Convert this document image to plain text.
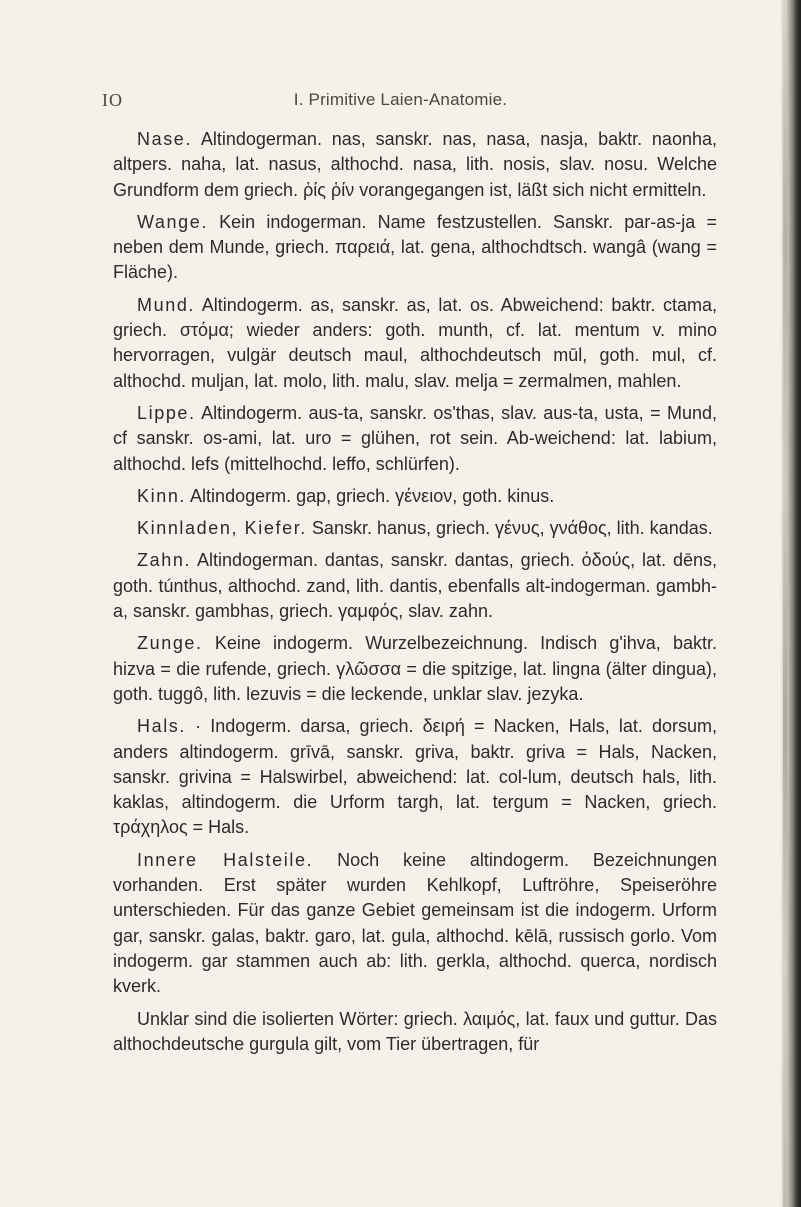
IO	I. Primitive Laien-Anatomie.

Nase. Altindogerman. nas, sanskr. nas, nasa, nasja, baktr. naonha, altpers. naha, lat. nasus, althochd. nasa, lith. nosis, slav. nosu. Welche Grundform dem griech. ῥίς ῥίν vorangegangen ist, läßt sich nicht ermitteln.

Wange. Kein indogerman. Name festzustellen. Sanskr. par-as-ja = neben dem Munde, griech. παρειά, lat. gena, althochdtsch. wangâ (wang = Fläche).

Mund. Altindogerm. as, sanskr. as, lat. os. Abweichend: baktr. ctama, griech. στόμα; wieder anders: goth. munth, cf. lat. mentum v. mino hervorragen, vulgär deutsch maul, althochdeutsch mūl, goth. mul, cf. althochd. muljan, lat. molo, lith. malu, slav. melja = zermalmen, mahlen.

Lippe. Altindogerm. aus-ta, sanskr. os'thas, slav. aus-ta, usta, = Mund, cf sanskr. os-ami, lat. uro = glühen, rot sein. Ab-weichend: lat. labium, althochd. lefs (mittelhochd. leffo, schlürfen).

Kinn. Altindogerm. gap, griech. γένειον, goth. kinus.

Kinnladen, Kiefer. Sanskr. hanus, griech. γένυς, γνάθος, lith. kandas.

Zahn. Altindogerman. dantas, sanskr. dantas, griech. ὀδούς, lat. dēns, goth. túnthus, althochd. zand, lith. dantis, ebenfalls alt-indogerman. gambh-a, sanskr. gambhas, griech. γαμφός, slav. zahn.

Zunge. Keine indogerm. Wurzelbezeichnung. Indisch g'ihva, baktr. hizva = die rufende, griech. γλῶσσα = die spitzige, lat. lingna (älter dingua), goth. tuggô, lith. lezuvis = die leckende, unklar slav. jezyka.

Hals. · Indogerm. darsa, griech. δειρή = Nacken, Hals, lat. dorsum, anders altindogerm. grīvā, sanskr. griva, baktr. griva = Hals, Nacken, sanskr. grivina = Halswirbel, abweichend: lat. col-lum, deutsch hals, lith. kaklas, altindogerm. die Urform targh, lat. tergum = Nacken, griech. τράχηλος = Hals.

Innere Halsteile. Noch keine altindogerm. Bezeichnungen vorhanden. Erst später wurden Kehlkopf, Luftröhre, Speiseröhre unterschieden. Für das ganze Gebiet gemeinsam ist die indogerm. Urform gar, sanskr. galas, baktr. garo, lat. gula, althochd. kēlā, russisch gorlo. Vom indogerm. gar stammen auch ab: lith. gerkla, althochd. querca, nordisch kverk.

Unklar sind die isolierten Wörter: griech. λαιμός, lat. faux und guttur. Das althochdeutsche gurgula gilt, vom Tier übertragen, für
